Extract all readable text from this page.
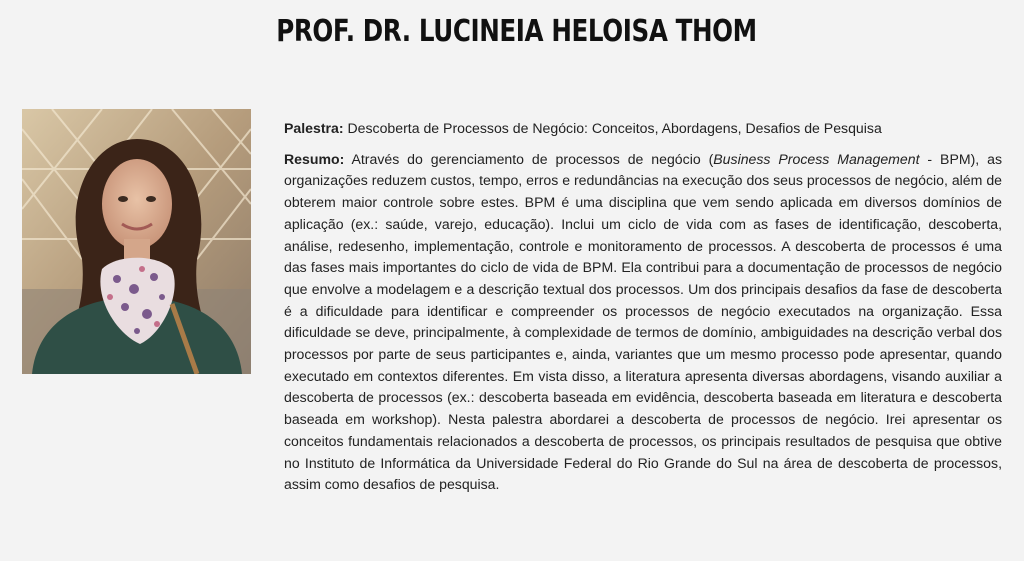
PROF. DR. LUCINEIA HELOISA THOM

Palestra: Descoberta de Processos de Negócio: Conceitos, Abordagens, Desafios de Pesquisa

Resumo: Através do gerenciamento de processos de negócio (Business Process Management - BPM), as organizações reduzem custos, tempo, erros e redundâncias na execução dos seus processos de negócio, além de obterem maior controle sobre estes. BPM é uma disciplina que vem sendo aplicada em diversos domínios de aplicação (ex.: saúde, varejo, educação). Inclui um ciclo de vida com as fases de identificação, descoberta, análise, redesenho, implementação, controle e monitoramento de processos. A descoberta de processos é uma das fases mais importantes do ciclo de vida de BPM. Ela contribui para a documentação de processos de negócio que envolve a modelagem e a descrição textual dos processos. Um dos principais desafios da fase de descoberta é a dificuldade para identificar e compreender os processos de negócio executados na organização. Essa dificuldade se deve, principalmente, à complexidade de termos de domínio, ambiguidades na descrição verbal dos processos por parte de seus participantes e, ainda, variantes que um mesmo processo pode apresentar, quando executado em contextos diferentes. Em vista disso, a literatura apresenta diversas abordagens, visando auxiliar a descoberta de processos (ex.: descoberta baseada em evidência, descoberta baseada em literatura e descoberta baseada em workshop). Nesta palestra abordarei a descoberta de processos de negócio. Irei apresentar os conceitos fundamentais relacionados a descoberta de processos, os principais resultados de pesquisa que obtive no Instituto de Informática da Universidade Federal do Rio Grande do Sul na área de descoberta de processos, assim como desafios de pesquisa.
